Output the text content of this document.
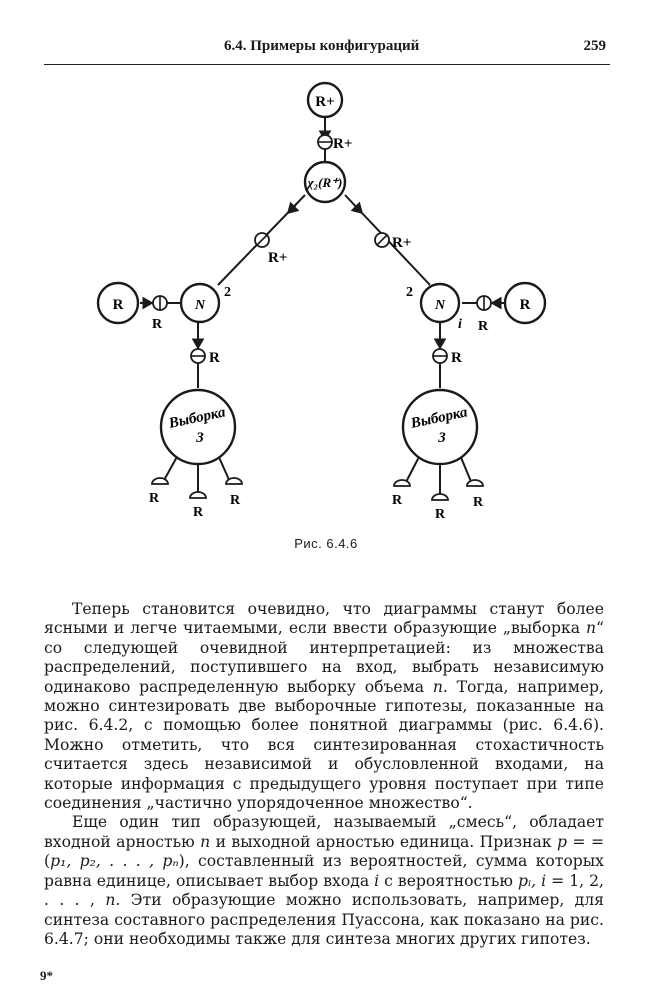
6.4. Примеры конфигураций	259
R+
R+
χ₂(R⁺)
R+
R+
R
R
N
2
R
Выборка
3
R
R
R
R
R
N
2
i
R
Выборка
3
R
R
R
Рис. 6.4.6

Теперь становится очевидно, что диаграммы станут более ясными и легче читаемыми, если ввести образующие „выборка n“ со следующей очевидной интерпретацией: из множества распределений, поступившего на вход, выбрать независимую одинаково распределенную выборку объема n. Тогда, например, можно синтезировать две выборочные гипотезы, показанные на рис. 6.4.2, с помощью более понятной диаграммы (рис. 6.4.6). Можно отметить, что вся синтезированная стохастичность считается здесь независимой и обусловленной входами, на которые информация с предыдущего уровня поступает при типе соединения „частично упорядоченное множество“.

Еще один тип образующей, называемый „смесь“, обладает входной арностью n и выходной арностью единица. Признак p = = (p₁, p₂, . . . , pₙ), составленный из вероятностей, сумма которых равна единице, описывает выбор входа i с вероятностью pᵢ, i = 1, 2, . . . , n. Эти образующие можно использовать, например, для синтеза составного распределения Пуассона, как показано на рис. 6.4.7; они необходимы также для синтеза многих других гипотез.

9*
